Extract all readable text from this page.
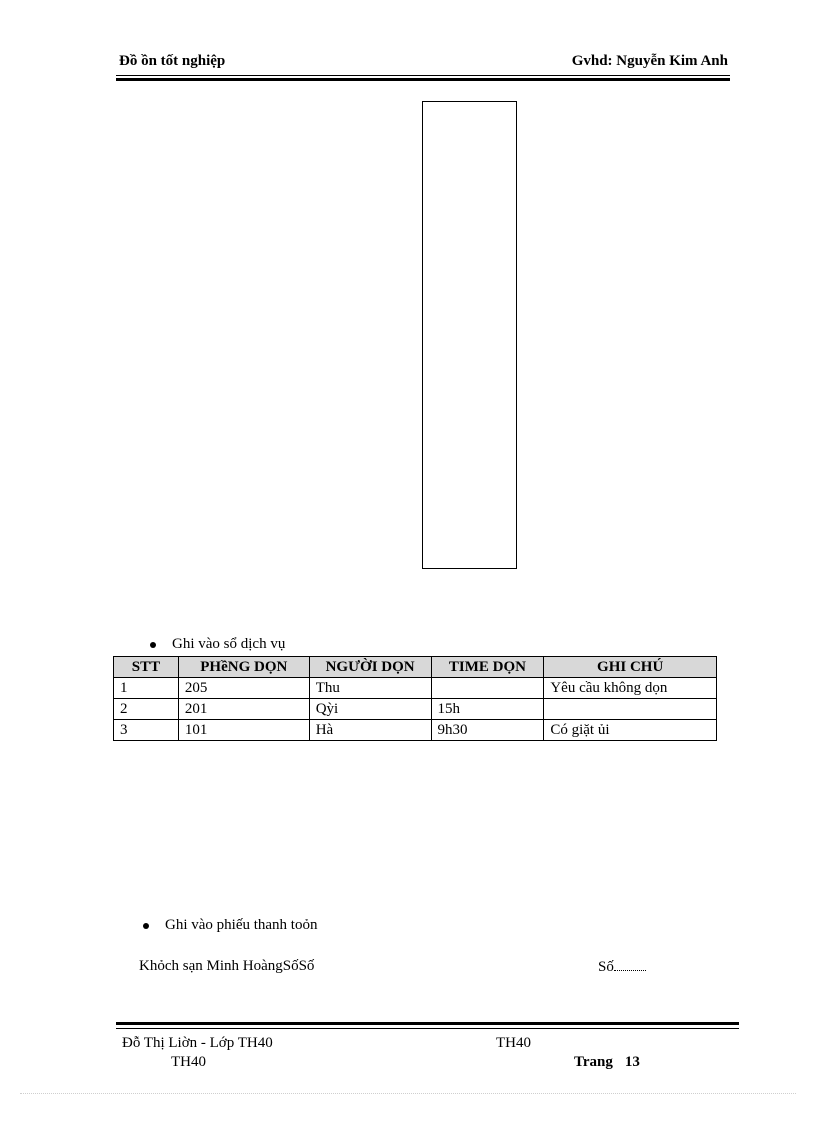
Đồ ồn tốt nghiệp	Gvhd: Nguyễn Kim Anh
Ghi vào sổ dịch vụ
STT	PHềNG DỌN	NGƯỜI DỌN	TIME DỌN	GHI CHÚ
1	205	Thu		Yêu cầu không dọn
2	201	Qỳi	15h	
3	101	Hà	9h30	Có giặt ủi
Ghi vào phiếu thanh toỏn
Khỏch sạn Minh HoàngSốSố	Số
Đỗ Thị Liờn - Lớp TH40
TH40
TH40
Trang 13
